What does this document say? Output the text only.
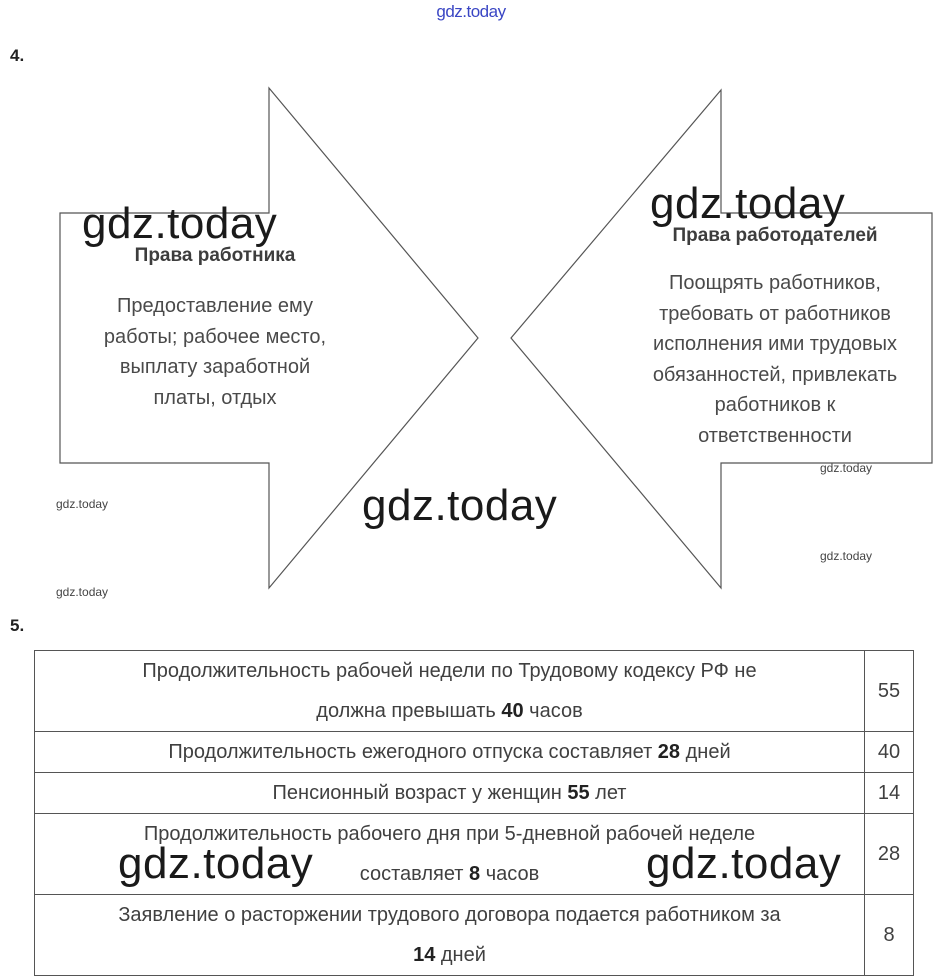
gdz.today
4.
Права работника
Предоставление ему
работы; рабочее место,
выплату заработной
платы, отдых
Права работодателей
Поощрять работников,
требовать от работников
исполнения ими трудовых
обязанностей, привлекать
работников к
ответственности
gdz.today	gdz.today
gdz.today
gdz.today
gdz.today
gdz.today
gdz.today
5.
Продолжительность рабочей недели по Трудовому кодексу РФ не
должна превышать 40 часов	55
Продолжительность ежегодного отпуска составляет 28 дней	40
Пенсионный возраст у женщин 55 лет	14
Продолжительность рабочего дня при 5-дневной рабочей неделе
составляет 8 часов	28
Заявление о расторжении трудового договора подается работником за
14 дней	8
gdz.today	gdz.today
